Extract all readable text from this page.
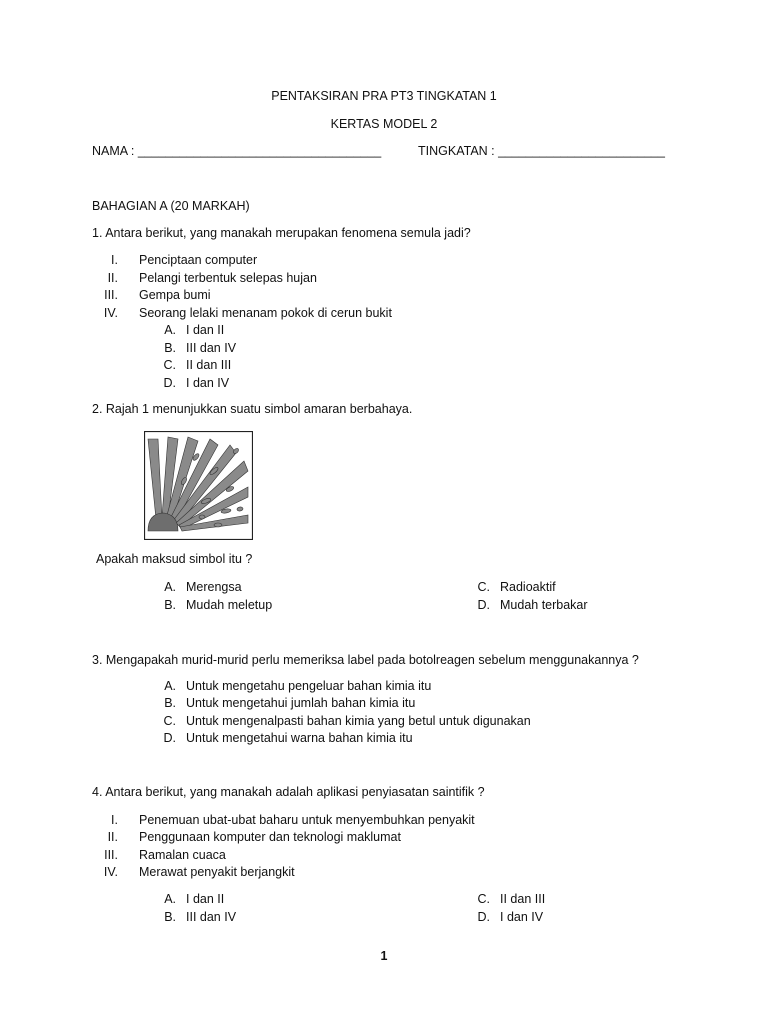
PENTAKSIRAN PRA PT3 TINGKATAN 1
KERTAS MODEL 2
NAMA : ___________________________________	TINGKATAN : ________________________
BAHAGIAN A (20 MARKAH)
1. Antara berikut, yang manakah merupakan fenomena semula jadi?
I. Penciptaan computer
II. Pelangi terbentuk selepas hujan
III. Gempa bumi
IV. Seorang lelaki menanam pokok di cerun bukit
A. I dan II
B. III dan IV
C. II dan III
D. I dan IV
2. Rajah 1 menunjukkan suatu simbol amaran berbahaya.
Apakah maksud simbol itu ?
A. Merengsa
B. Mudah meletup
C. Radioaktif
D. Mudah terbakar
3. Mengapakah murid-murid perlu memeriksa label pada botolreagen sebelum menggunakannya ?
A. Untuk mengetahu pengeluar bahan kimia itu
B. Untuk mengetahui jumlah bahan kimia itu
C. Untuk mengenalpasti bahan kimia yang betul untuk digunakan
D. Untuk mengetahui warna bahan kimia itu
4. Antara berikut, yang manakah adalah aplikasi penyiasatan saintifik ?
I. Penemuan ubat-ubat baharu untuk menyembuhkan penyakit
II. Penggunaan komputer dan teknologi maklumat
III. Ramalan cuaca
IV. Merawat penyakit berjangkit
A. I dan II
B. III dan IV
C. II dan III
D. I dan IV
1
